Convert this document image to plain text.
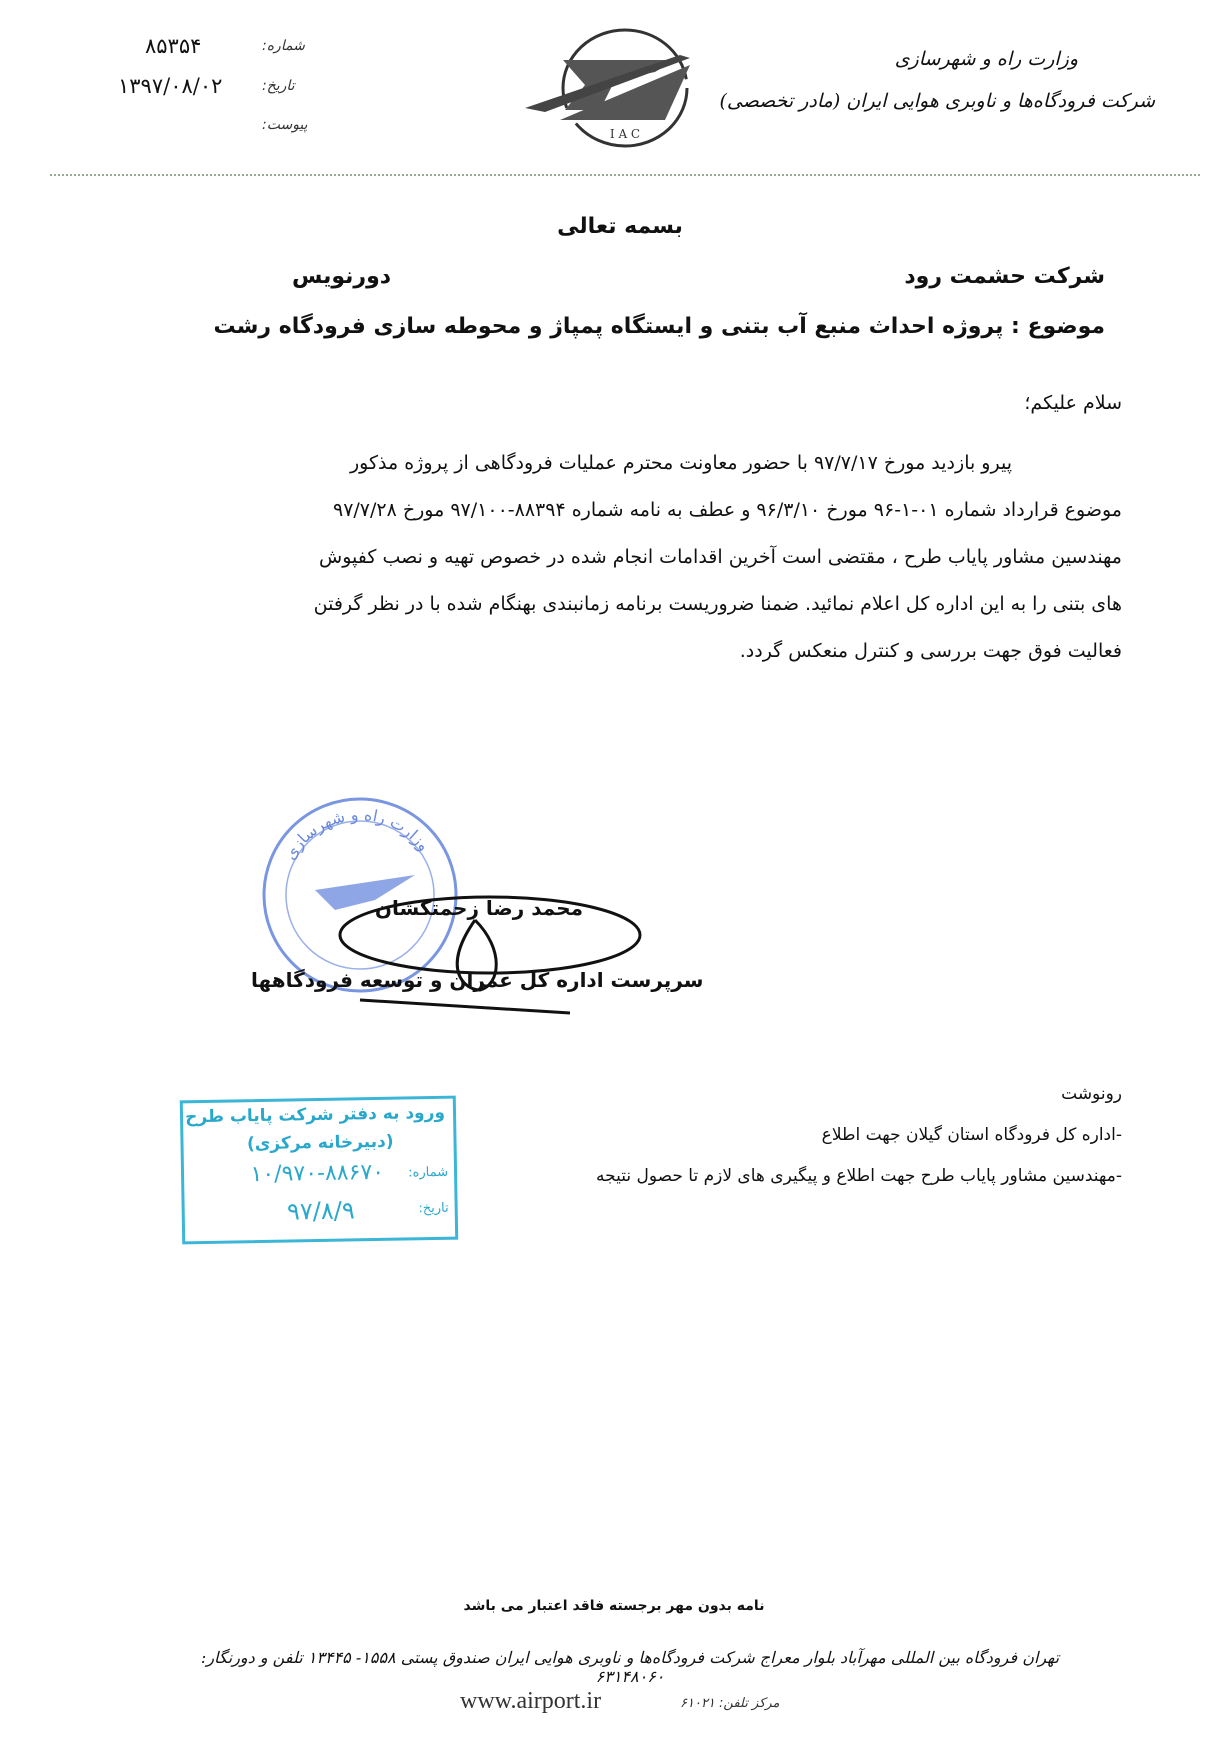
۸۵۳۵۴
۱۳۹۷/۰۸/۰۲
شماره:
تاریخ:
پیوست:
I A C
وزارت راه و شهرسازی
شرکت فرودگاه‌ها و ناوبری هوایی ایران (مادر تخصصی)
بسمه تعالی
شرکت حشمت رود
دورنویس
موضوع : پروژه احداث منبع آب بتنی و ایستگاه پمپاژ و محوطه سازی فرودگاه رشت
سلام علیکم؛

پیرو بازدید مورخ ۹۷/۷/۱۷ با حضور معاونت محترم عملیات فرودگاهی از پروژه مذکور

موضوع قرارداد شماره ۰۱-۱-۹۶ مورخ ۹۶/۳/۱۰ و عطف به نامه شماره ۸۸۳۹۴-۹۷/۱۰۰ مورخ ۹۷/۷/۲۸

مهندسین مشاور پایاب طرح ، مقتضی است آخرین اقدامات انجام شده در خصوص تهیه و نصب کفپوش

های بتنی را به این اداره کل اعلام نمائید. ضمنا ضروریست برنامه زمانبندی بهنگام شده با در نظر گرفتن

فعالیت فوق جهت بررسی و کنترل منعکس گردد.

وزارت راه و شهرسازی
محمد رضا زحمتکشان
سرپرست اداره کل عمران و توسعه فرودگاهها
رونوشت
-اداره کل فرودگاه استان گیلان جهت اطلاع
-مهندسین مشاور پایاب طرح جهت اطلاع و پیگیری های لازم تا حصول نتیجه
ورود به دفتر شرکت پایاب طرح
(دبیرخانه مرکزی)
شماره:
۱۰/۹۷۰-۸۸۶۷۰
تاریخ:
۹۷/۸/۹
نامه بدون مهر برجسته فاقد اعتبار می باشد
تهران فرودگاه بین المللی مهرآباد بلوار معراج شرکت فرودگاه‌ها و ناوبری هوایی ایران صندوق پستی ۱۵۵۸- ۱۳۴۴۵ تلفن و دورنگار: ۶۳۱۴۸۰۶۰
مرکز تلفن: ۶۱۰۲۱
www.airport.ir
